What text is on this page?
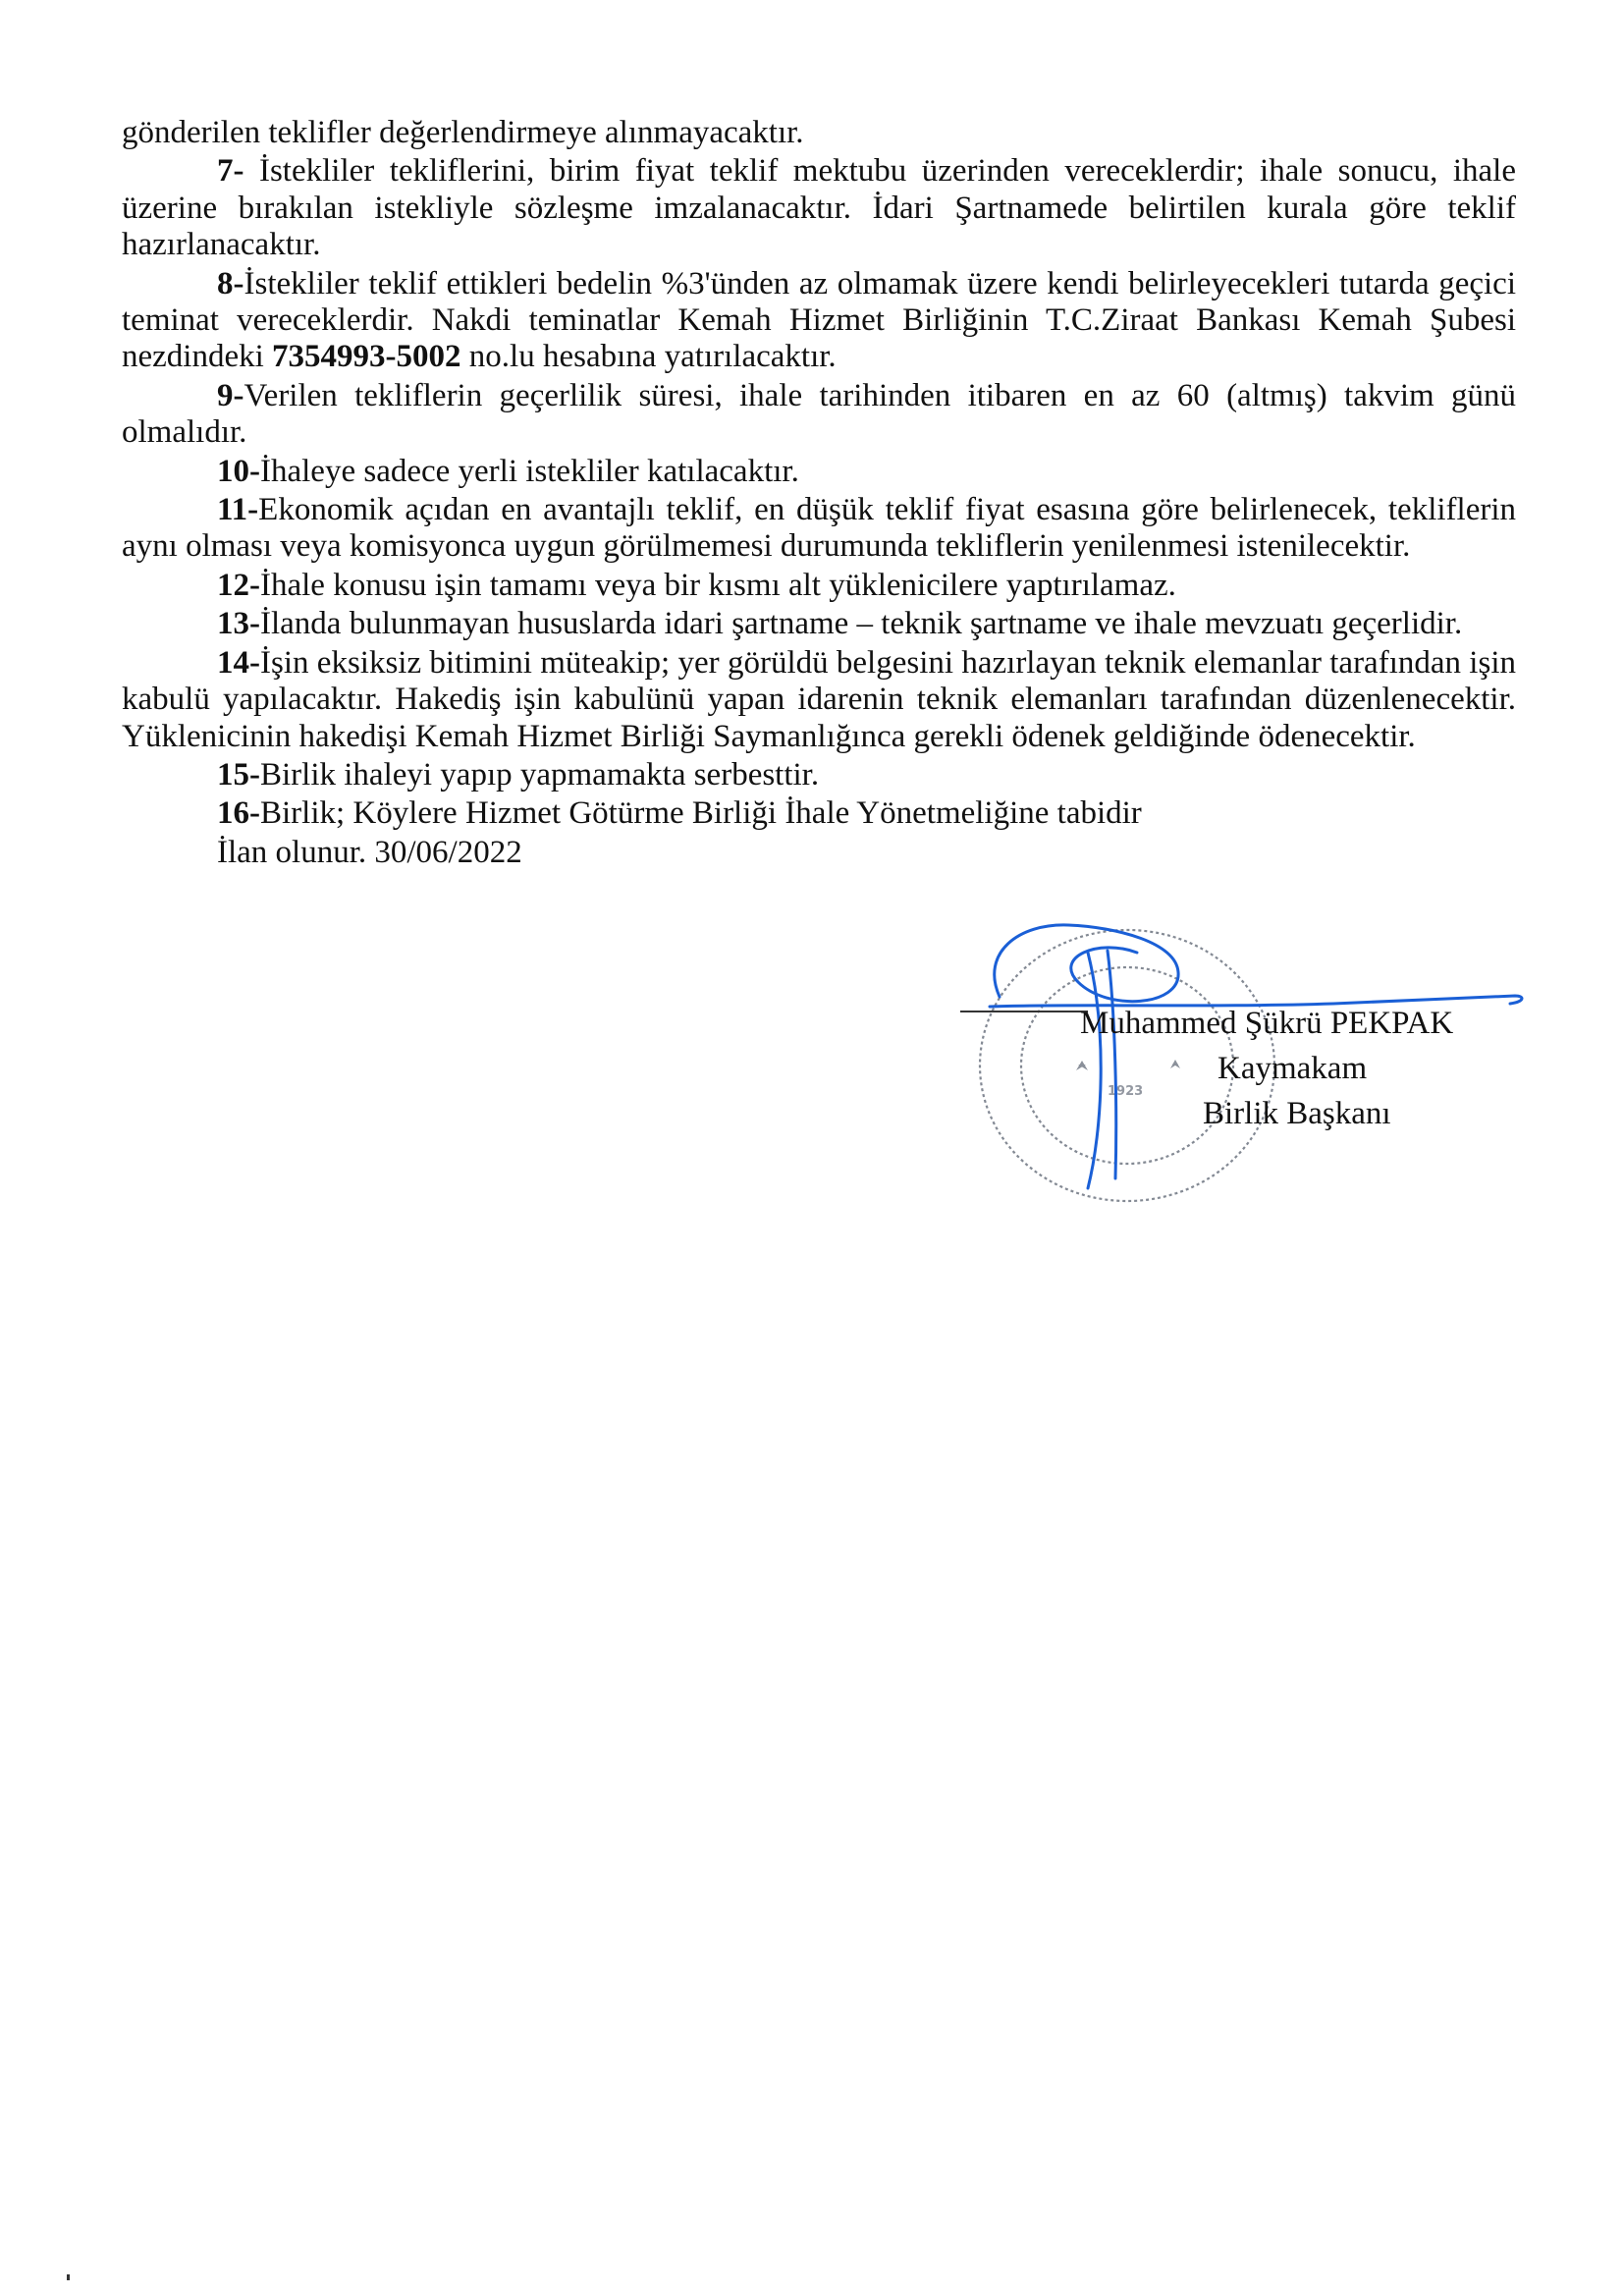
gönderilen teklifler değerlendirmeye alınmayacaktır.

7- İstekliler tekliflerini, birim fiyat teklif mektubu üzerinden vereceklerdir; ihale sonucu, ihale üzerine bırakılan istekliyle sözleşme imzalanacaktır. İdari Şartnamede belirtilen kurala göre teklif hazırlanacaktır.

8-İstekliler teklif ettikleri bedelin %3'ünden az olmamak üzere kendi belirleyecekleri tutarda geçici teminat vereceklerdir. Nakdi teminatlar Kemah Hizmet Birliğinin T.C.Ziraat Bankası Kemah Şubesi nezdindeki 7354993-5002 no.lu hesabına yatırılacaktır.

9-Verilen tekliflerin geçerlilik süresi, ihale tarihinden itibaren en az 60 (altmış) takvim günü olmalıdır.

10-İhaleye sadece yerli istekliler katılacaktır.

11-Ekonomik açıdan en avantajlı teklif, en düşük teklif fiyat esasına göre belirlenecek, tekliflerin aynı olması veya komisyonca uygun görülmemesi durumunda tekliflerin yenilenmesi istenilecektir.

12-İhale konusu işin tamamı veya bir kısmı alt yüklenicilere yaptırılamaz.

13-İlanda bulunmayan hususlarda idari şartname – teknik şartname ve ihale mevzuatı geçerlidir.

14-İşin eksiksiz bitimini müteakip; yer görüldü belgesini hazırlayan teknik elemanlar tarafından işin kabulü yapılacaktır. Hakediş işin kabulünü yapan idarenin teknik elemanları tarafından düzenlenecektir. Yüklenicinin hakedişi Kemah Hizmet Birliği Saymanlığınca gerekli ödenek geldiğinde ödenecektir.

15-Birlik ihaleyi yapıp yapmamakta serbesttir.

16-Birlik; Köylere Hizmet Götürme Birliği İhale Yönetmeliğine tabidir

İlan olunur. 30/06/2022

1923
Muhammed Şükrü PEKPAK
Kaymakam
Birlik Başkanı
